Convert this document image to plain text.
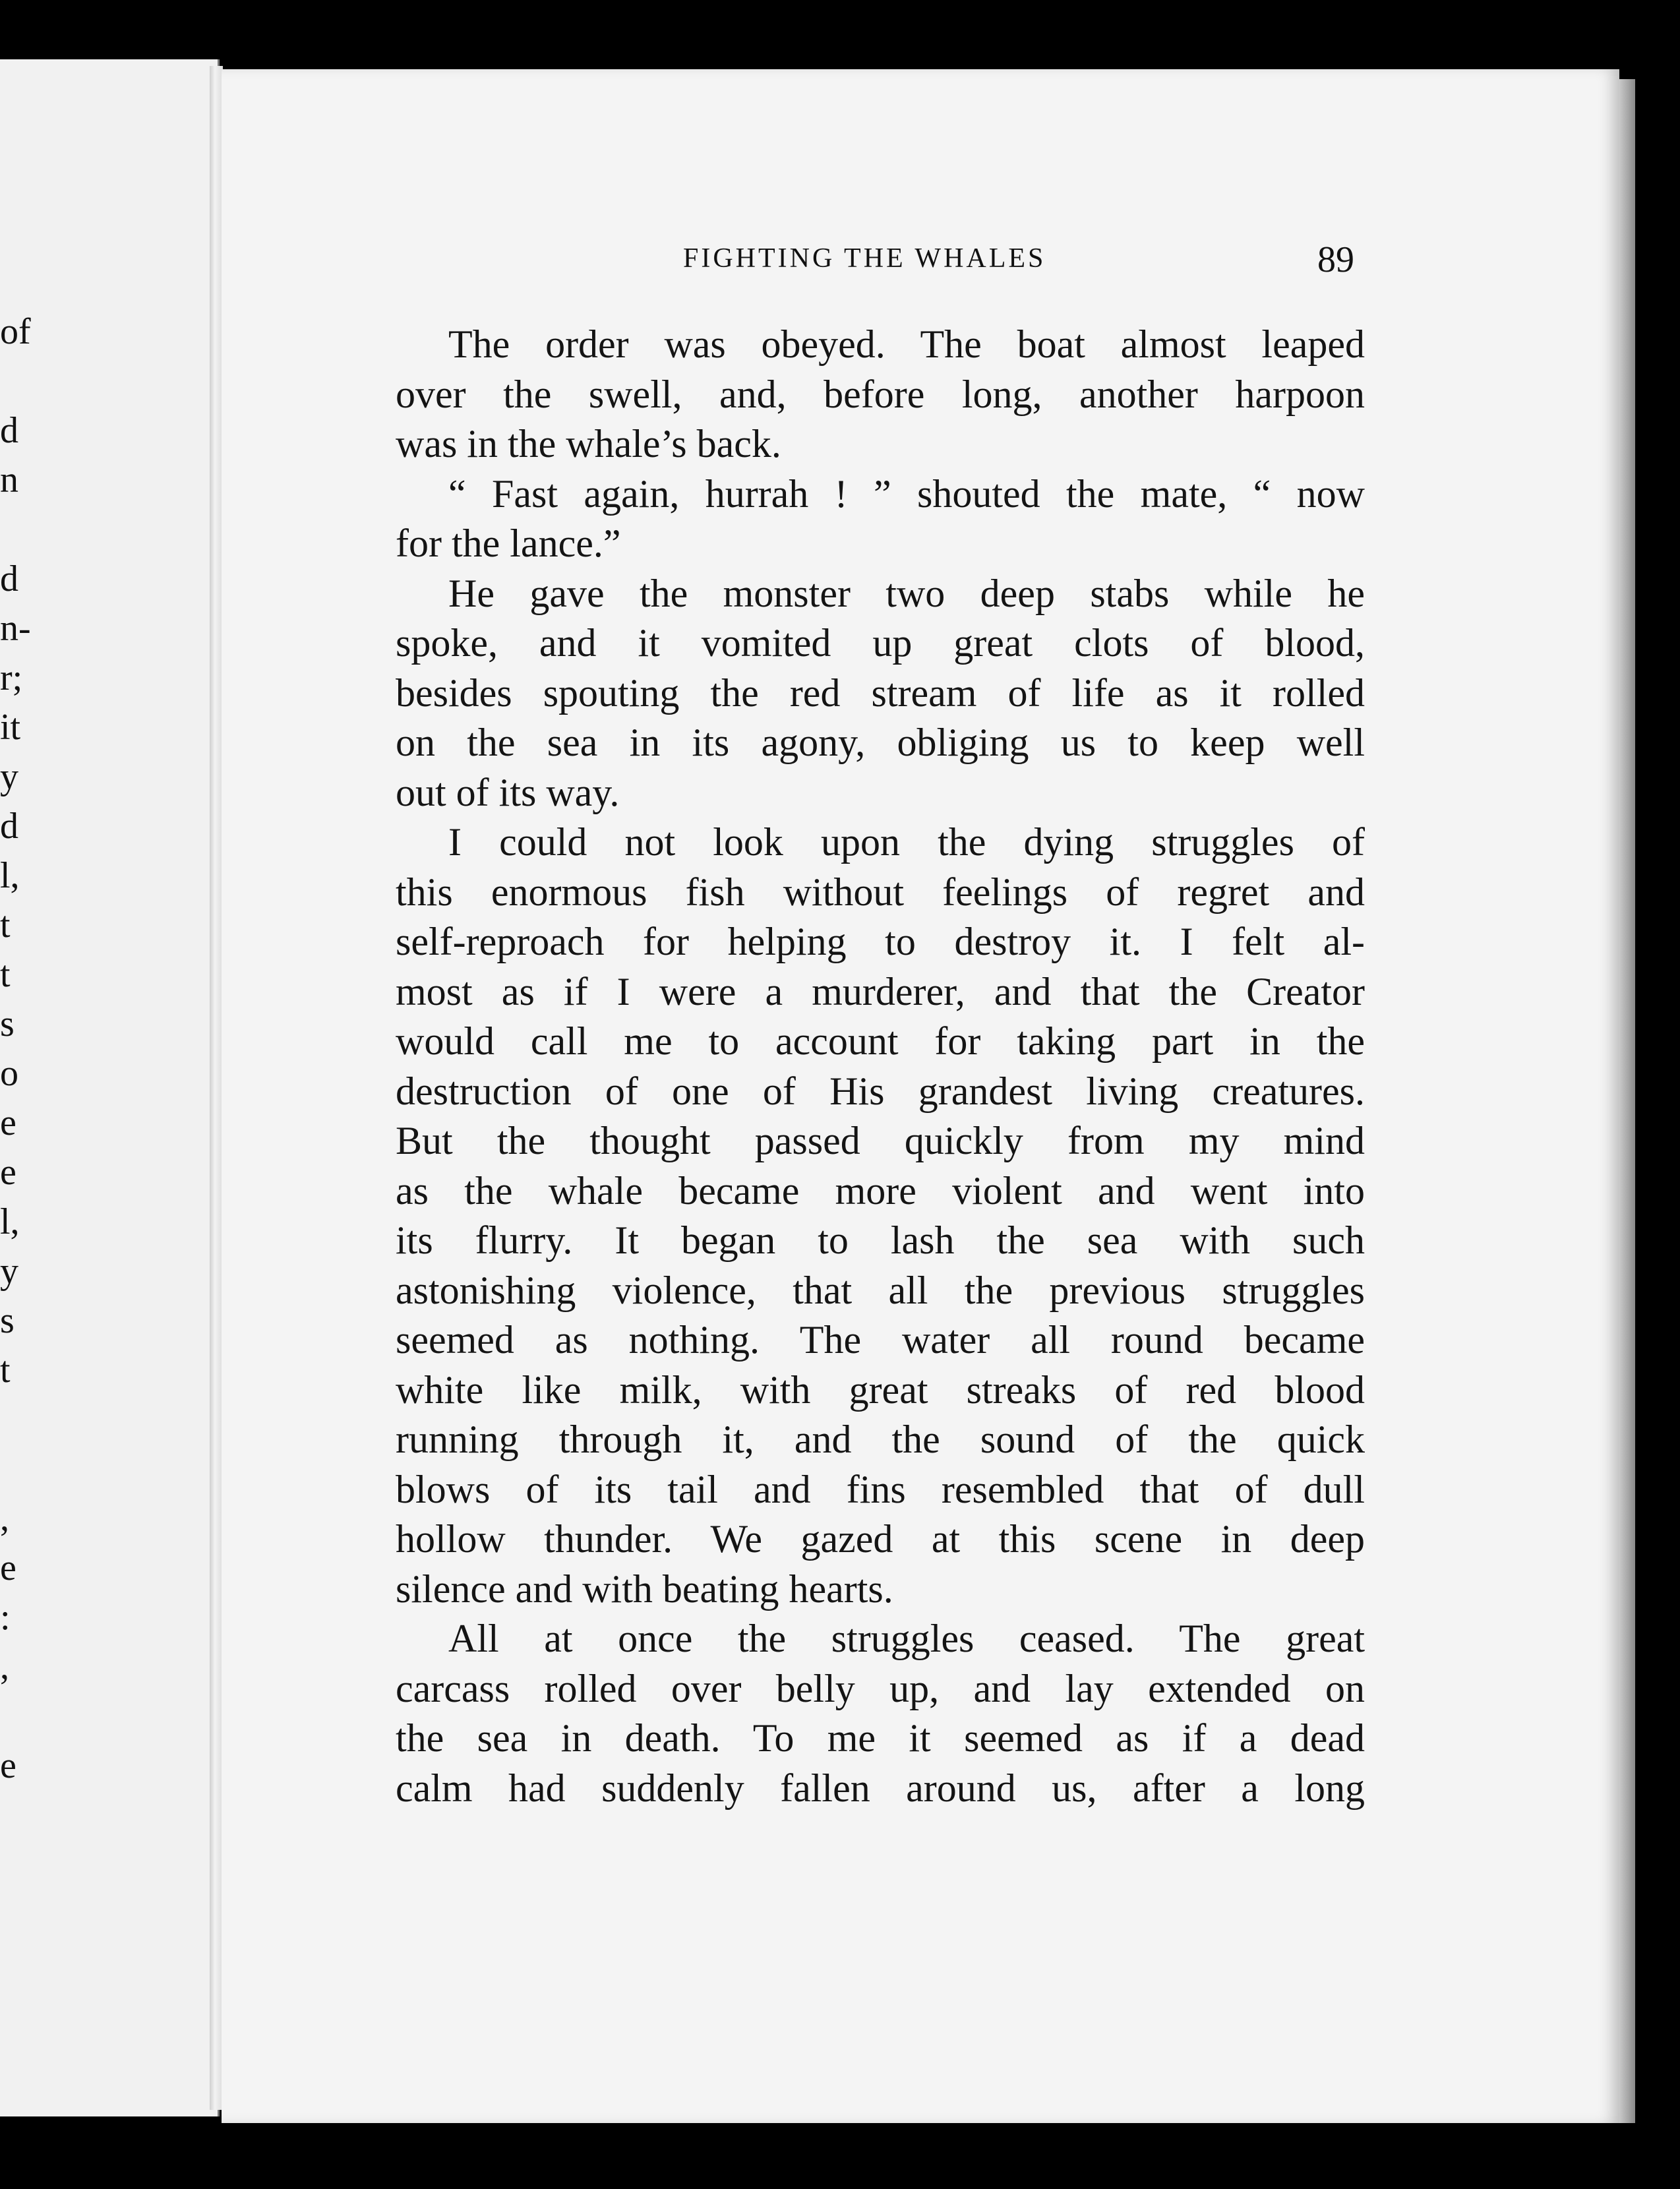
of
d
n
d
n-
r;
it
y
d
l,
t
t
s
o
e
e
l,
y
s
t
,
e
:
,
e
FIGHTING THE WHALES	89
The order was obeyed. The boat almost leaped
over the swell, and, before long, another harpoon
was in the whale’s back.
“ Fast again, hurrah ! ” shouted the mate, “ now
for the lance.”
He gave the monster two deep stabs while he
spoke, and it vomited up great clots of blood,
besides spouting the red stream of life as it rolled
on the sea in its agony, obliging us to keep well
out of its way.
I could not look upon the dying struggles of
this enormous fish without feelings of regret and
self-reproach for helping to destroy it. I felt al-
most as if I were a murderer, and that the Creator
would call me to account for taking part in the
destruction of one of His grandest living creatures.
But the thought passed quickly from my mind
as the whale became more violent and went into
its flurry. It began to lash the sea with such
astonishing violence, that all the previous struggles
seemed as nothing. The water all round became
white like milk, with great streaks of red blood
running through it, and the sound of the quick
blows of its tail and fins resembled that of dull
hollow thunder. We gazed at this scene in deep
silence and with beating hearts.
All at once the struggles ceased. The great
carcass rolled over belly up, and lay extended on
the sea in death. To me it seemed as if a dead
calm had suddenly fallen around us, after a long
